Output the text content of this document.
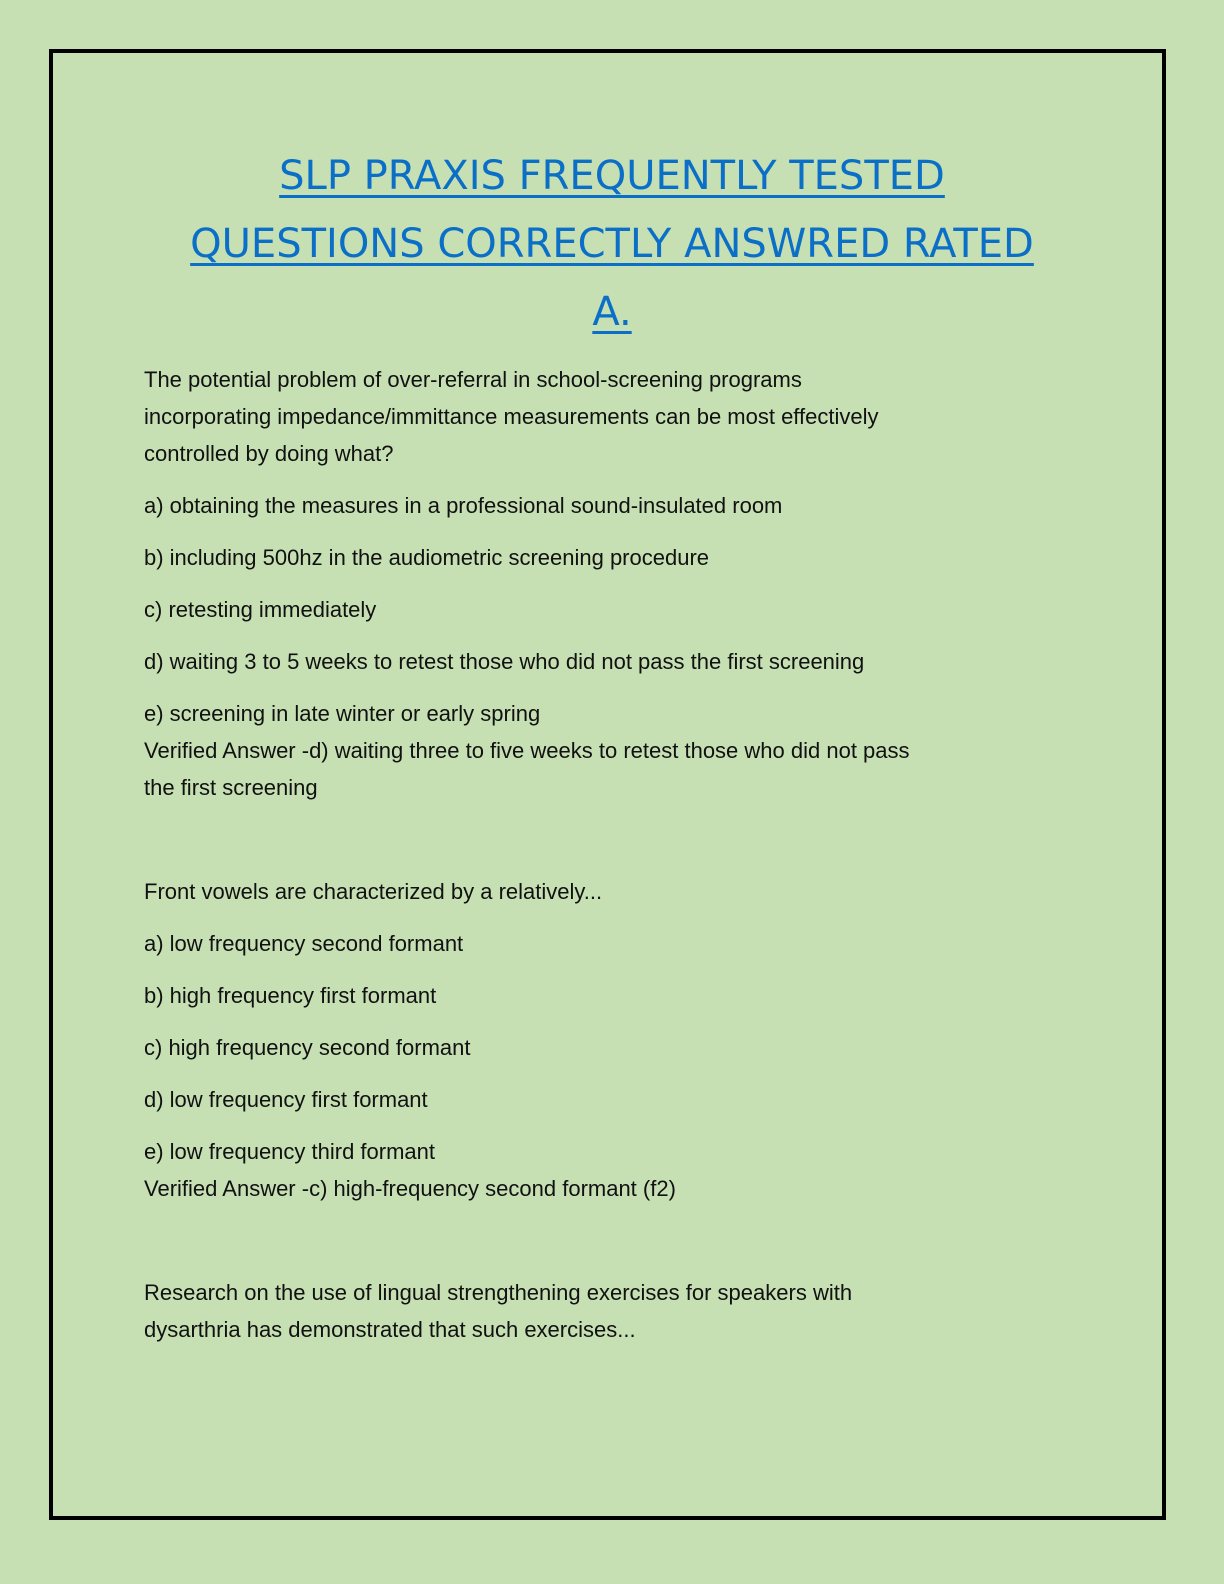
SLP PRAXIS FREQUENTLY TESTED
QUESTIONS CORRECTLY ANSWRED RATED
A.
The potential problem of over-referral in school-screening programs
incorporating impedance/immittance measurements can be most effectively
controlled by doing what?
a) obtaining the measures in a professional sound-insulated room
b) including 500hz in the audiometric screening procedure
c) retesting immediately
d) waiting 3 to 5 weeks to retest those who did not pass the first screening
e) screening in late winter or early spring
Verified Answer -d) waiting three to five weeks to retest those who did not pass
the first screening
Front vowels are characterized by a relatively...
a) low frequency second formant
b) high frequency first formant
c) high frequency second formant
d) low frequency first formant
e) low frequency third formant
Verified Answer -c) high-frequency second formant (f2)
Research on the use of lingual strengthening exercises for speakers with
dysarthria has demonstrated that such exercises...
